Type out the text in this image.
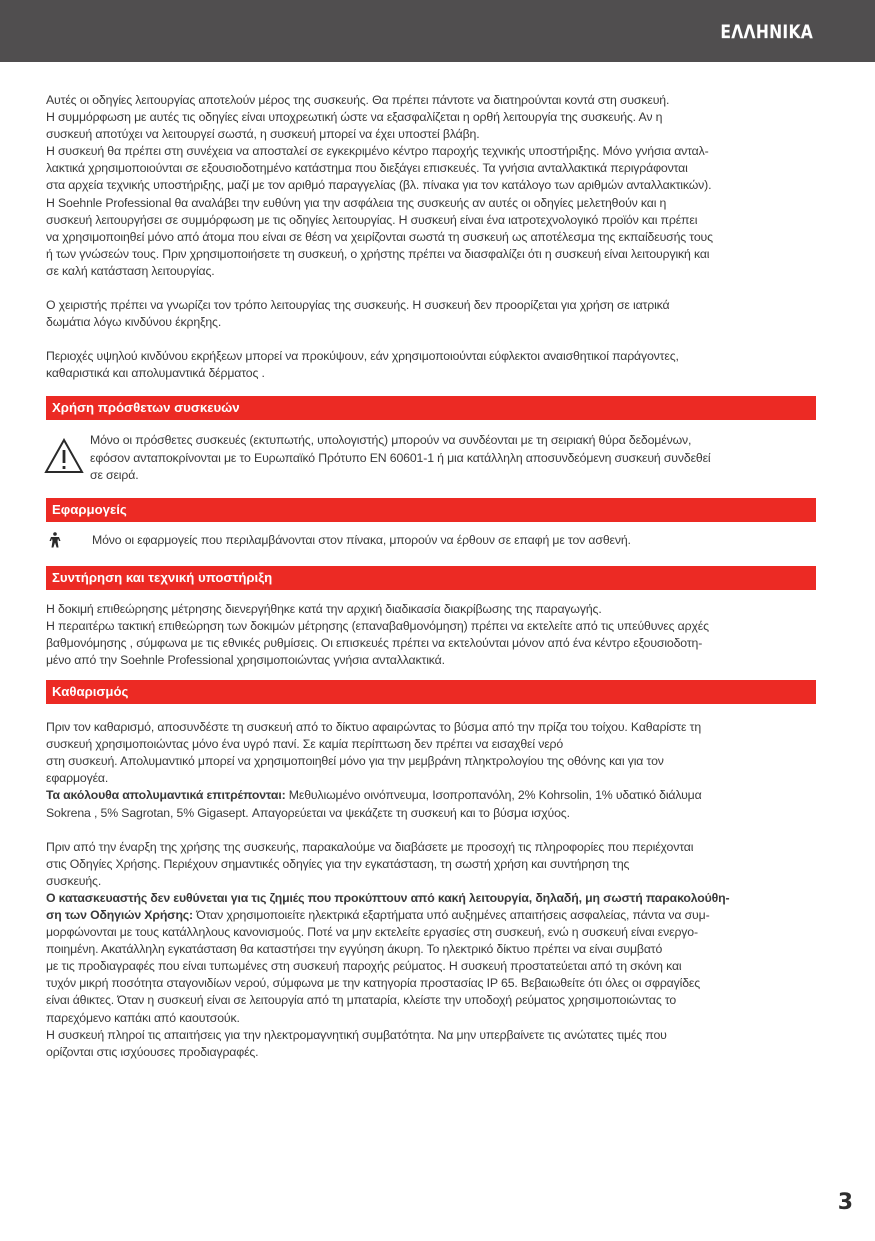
ΕΛΛΗΝΙΚΑ

Αυτές οι οδηγίες λειτουργίας αποτελούν μέρος της συσκευής. Θα πρέπει πάντοτε να διατηρούνται κοντά στη συσκευή.
Η συμμόρφωση με αυτές τις οδηγίες είναι υποχρεωτική ώστε να εξασφαλίζεται η ορθή λειτουργία της συσκευής. Αν η
συσκευή αποτύχει να λειτουργεί σωστά, η συσκευή μπορεί να έχει υποστεί βλάβη.
Η συσκευή θα πρέπει στη συνέχεια να αποσταλεί σε εγκεκριμένο κέντρο παροχής τεχνικής υποστήριξης. Μόνο γνήσια ανταλ-
λακτικά χρησιμοποιούνται σε εξουσιοδοτημένο κατάστημα που διεξάγει επισκευές. Τα γνήσια ανταλλακτικά περιγράφονται
στα αρχεία τεχνικής υποστήριξης, μαζί με τον αριθμό παραγγελίας (βλ. πίνακα για τον κατάλογο των αριθμών ανταλλακτικών).
Η Soehnle Professional θα αναλάβει την ευθύνη για την ασφάλεια της συσκευής αν αυτές οι οδηγίες μελετηθούν και η
συσκευή λειτουργήσει σε συμμόρφωση με τις οδηγίες λειτουργίας. Η συσκευή είναι ένα ιατροτεχνολογικό προϊόν και πρέπει
να χρησιμοποιηθεί μόνο από άτομα που είναι σε θέση να χειρίζονται σωστά τη συσκευή ως αποτέλεσμα της εκπαίδευσής τους
ή των γνώσεών τους. Πριν χρησιμοποιήσετε τη συσκευή, ο χρήστης πρέπει να διασφαλίζει ότι η συσκευή είναι λειτουργική και
σε καλή κατάσταση λειτουργίας.

Ο χειριστής πρέπει να γνωρίζει τον τρόπο λειτουργίας της συσκευής. Η συσκευή δεν προορίζεται για χρήση σε ιατρικά
δωμάτια λόγω κινδύνου έκρηξης.

Περιοχές υψηλού κινδύνου εκρήξεων μπορεί να προκύψουν, εάν χρησιμοποιούνται εύφλεκτοι αναισθητικοί παράγοντες,
καθαριστικά και απολυμαντικά δέρματος .

Χρήση πρόσθετων συσκευών

Μόνο οι πρόσθετες συσκευές (εκτυπωτής, υπολογιστής) μπορούν να συνδέονται με τη σειριακή θύρα δεδομένων,
εφόσον ανταποκρίνονται με το Ευρωπαϊκό Πρότυπο ΕΝ 60601-1 ή μια κατάλληλη αποσυνδεόμενη συσκευή συνδεθεί
σε σειρά.

Εφαρμογείς

Μόνο οι εφαρμογείς που περιλαμβάνονται στον πίνακα, μπορούν να έρθουν σε επαφή με τον ασθενή.

Συντήρηση και τεχνική υποστήριξη

Η δοκιμή επιθεώρησης μέτρησης διενεργήθηκε κατά την αρχική διαδικασία διακρίβωσης της παραγωγής.
Η περαιτέρω τακτική επιθεώρηση των δοκιμών μέτρησης (επαναβαθμονόμηση) πρέπει να εκτελείτε από τις υπεύθυνες αρχές
βαθμονόμησης , σύμφωνα με τις εθνικές ρυθμίσεις. Οι επισκευές πρέπει να εκτελούνται μόνον από ένα κέντρο εξουσιοδοτη-
μένο από την Soehnle Professional χρησιμοποιώντας γνήσια ανταλλακτικά.

Καθαρισμός

Πριν τον καθαρισμό, αποσυνδέστε τη συσκευή από το δίκτυο αφαιρώντας το βύσμα από την πρίζα του τοίχου. Καθαρίστε τη
συσκευή χρησιμοποιώντας μόνο ένα υγρό πανί. Σε καμία περίπτωση δεν πρέπει να εισαχθεί νερό
στη συσκευή. Απολυμαντικό μπορεί να χρησιμοποιηθεί μόνο για την μεμβράνη πληκτρολογίου της οθόνης και για τον
εφαρμογέα.
Τα ακόλουθα απολυμαντικά επιτρέπονται: Μεθυλιωμένο οινόπνευμα, Ισοπροπανόλη, 2% Kohrsolin, 1% υδατικό διάλυμα
Sokrena , 5% Sagrotan, 5% Gigasept. Απαγορεύεται να ψεκάζετε τη συσκευή και το βύσμα ισχύος.

Πριν από την έναρξη της χρήσης της συσκευής, παρακαλούμε να διαβάσετε με προσοχή τις πληροφορίες που περιέχονται
στις Οδηγίες Χρήσης. Περιέχουν σημαντικές οδηγίες για την εγκατάσταση, τη σωστή χρήση και συντήρηση της
συσκευής.
Ο κατασκευαστής δεν ευθύνεται για τις ζημιές που προκύπτουν από κακή λειτουργία, δηλαδή, μη σωστή παρακολούθη-
ση των Οδηγιών Χρήσης: Όταν χρησιμοποιείτε ηλεκτρικά εξαρτήματα υπό αυξημένες απαιτήσεις ασφαλείας, πάντα να συμ-
μορφώνονται με τους κατάλληλους κανονισμούς. Ποτέ να μην εκτελείτε εργασίες στη συσκευή, ενώ η συσκευή είναι ενεργο-
ποιημένη. Ακατάλληλη εγκατάσταση θα καταστήσει την εγγύηση άκυρη. Το ηλεκτρικό δίκτυο πρέπει να είναι συμβατό
με τις προδιαγραφές που είναι τυπωμένες στη συσκευή παροχής ρεύματος. Η συσκευή προστατεύεται από τη σκόνη και
τυχόν μικρή ποσότητα σταγονιδίων νερού, σύμφωνα με την κατηγορία προστασίας IP 65. Βεβαιωθείτε ότι όλες οι σφραγίδες
είναι άθικτες. Όταν η συσκευή είναι σε λειτουργία από τη μπαταρία, κλείστε την υποδοχή ρεύματος χρησιμοποιώντας το
παρεχόμενο καπάκι από καουτσούκ.
Η συσκευή πληροί τις απαιτήσεις για την ηλεκτρομαγνητική συμβατότητα. Να μην υπερβαίνετε τις ανώτατες τιμές που
ορίζονται στις ισχύουσες προδιαγραφές.

3
